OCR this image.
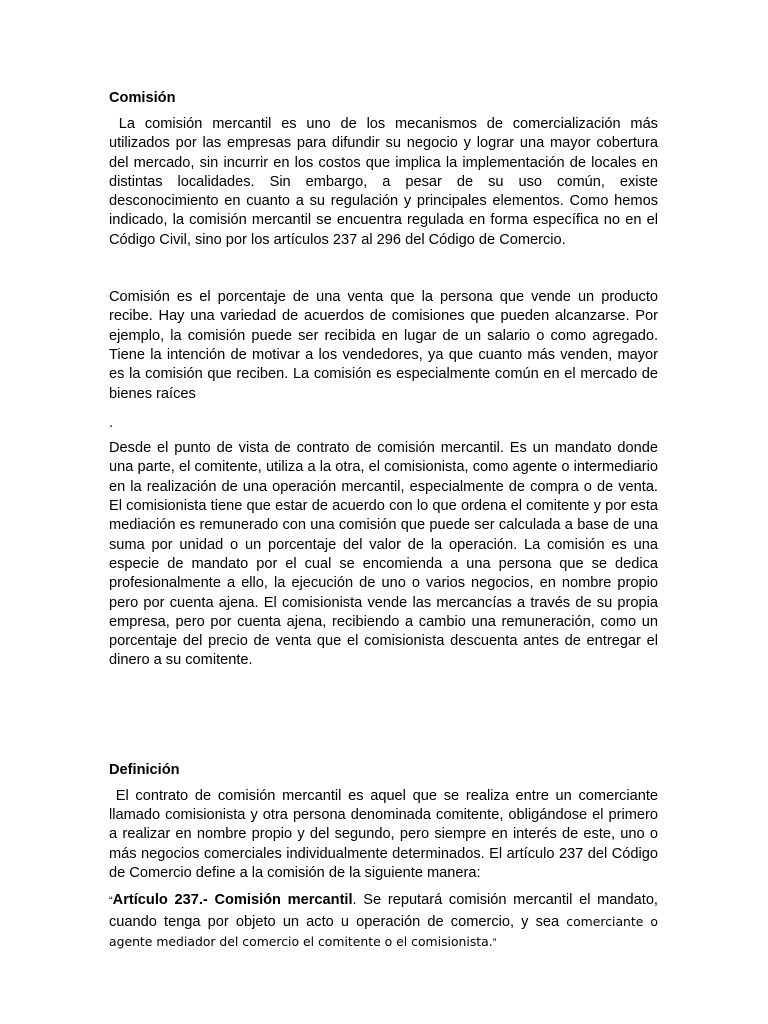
Comisión

La comisión mercantil es uno de los mecanismos de comercialización más utilizados por las empresas para difundir su negocio y lograr una mayor cobertura del mercado, sin incurrir en los costos que implica la implementación de locales en distintas localidades. Sin embargo, a pesar de su uso común, existe desconocimiento en cuanto a su regulación y principales elementos. Como hemos indicado, la comisión mercantil se encuentra regulada en forma específica no en el Código Civil, sino por los artículos 237 al 296 del Código de Comercio.

Comisión es el porcentaje de una venta que la persona que vende un producto recibe. Hay una variedad de acuerdos de comisiones que pueden alcanzarse. Por ejemplo, la comisión puede ser recibida en lugar de un salario o como agregado. Tiene la intención de motivar a los vendedores, ya que cuanto más venden, mayor es la comisión que reciben. La comisión es especialmente común en el mercado de bienes raíces

.

Desde el punto de vista de contrato de comisión mercantil. Es un mandato donde una parte, el comitente, utiliza a la otra, el comisionista, como agente o intermediario en la realización de una operación mercantil, especialmente de compra o de venta. El comisionista tiene que estar de acuerdo con lo que ordena el comitente y por esta mediación es remunerado con una comisión que puede ser calculada a base de una suma por unidad o un porcentaje del valor de la operación. La comisión es una especie de mandato por el cual se encomienda a una persona que se dedica profesionalmente a ello, la ejecución de uno o varios negocios, en nombre propio pero por cuenta ajena. El comisionista vende las mercancías a través de su propia empresa, pero por cuenta ajena, recibiendo a cambio una remuneración, como un porcentaje del precio de venta que el comisionista descuenta antes de entregar el dinero a su comitente.

Definición

El contrato de comisión mercantil es aquel que se realiza entre un comerciante llamado comisionista y otra persona denominada comitente, obligándose el primero a realizar en nombre propio y del segundo, pero siempre en interés de este, uno o más negocios comerciales individualmente determinados. El artículo 237 del Código de Comercio define a la comisión de la siguiente manera:

“Artículo 237.- Comisión mercantil. Se reputará comisión mercantil el mandato, cuando tenga por objeto un acto u operación de comercio, y sea comerciante o agente mediador del comercio el comitente o el comisionista.”
